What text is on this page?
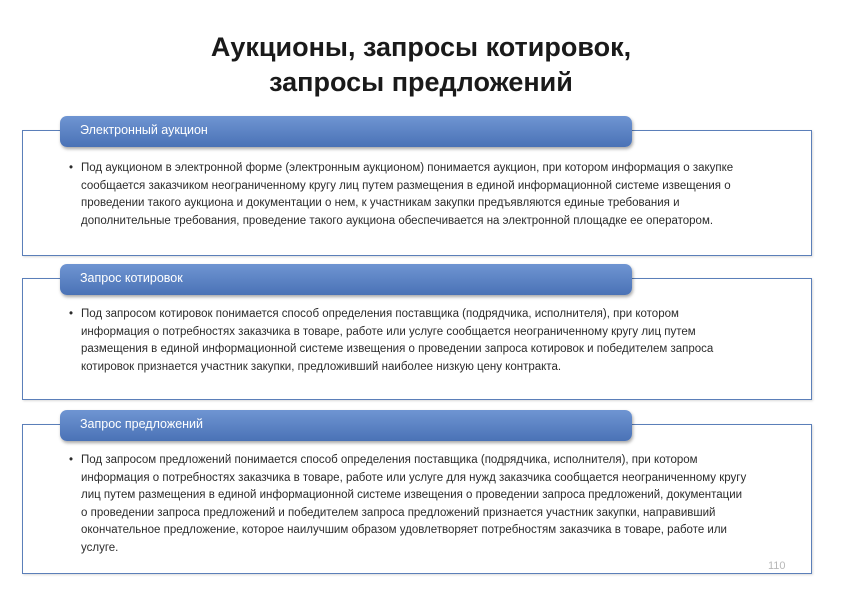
Аукционы, запросы котировок,
запросы предложений
• Под аукционом в электронной форме (электронным аукционом) понимается аукцион, при котором информация о закупке сообщается заказчиком неограниченному кругу лиц путем размещения в единой информационной системе извещения о проведении такого аукциона и документации о нем, к участникам закупки предъявляются единые требования и дополнительные требования, проведение такого аукциона обеспечивается на электронной площадке ее оператором.
Электронный аукцион
• Под запросом котировок понимается способ определения поставщика (подрядчика, исполнителя), при котором информация о потребностях заказчика в товаре, работе или услуге сообщается неограниченному кругу лиц путем размещения в единой информационной системе извещения о проведении запроса котировок и победителем запроса котировок признается участник закупки, предложивший наиболее низкую цену контракта.
Запрос котировок
• Под запросом предложений понимается способ определения поставщика (подрядчика, исполнителя), при котором информация о потребностях заказчика в товаре, работе или услуге для нужд заказчика сообщается неограниченному кругу лиц путем размещения в единой информационной системе извещения о проведении запроса предложений, документации о проведении запроса предложений и победителем запроса предложений признается участник закупки, направивший окончательное предложение, которое наилучшим образом удовлетворяет потребностям заказчика в товаре, работе или услуге.
Запрос предложений
110
